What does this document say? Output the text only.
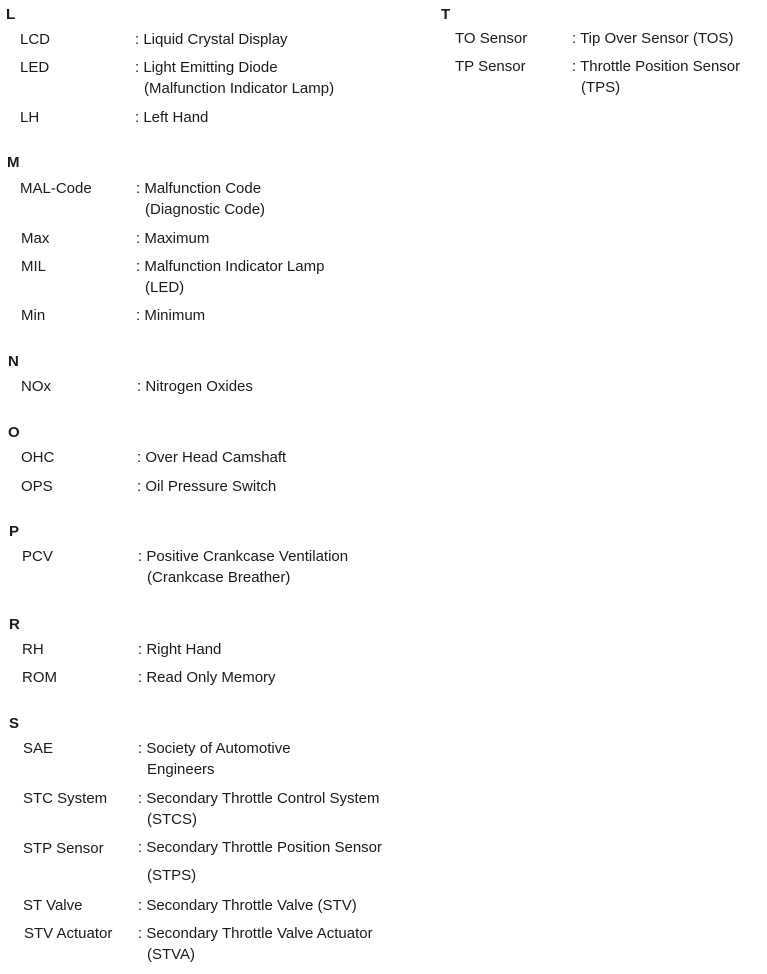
L
LCD	: Liquid Crystal Display
LED	: Light Emitting Diode
(Malfunction Indicator Lamp)
LH	: Left Hand
M
MAL-Code	: Malfunction Code
(Diagnostic Code)
Max	: Maximum
MIL	: Malfunction Indicator Lamp
(LED)
Min	: Minimum
N
NOx	: Nitrogen Oxides
O
OHC	: Over Head Camshaft
OPS	: Oil Pressure Switch
P
PCV	: Positive Crankcase Ventilation
(Crankcase Breather)
R
RH	: Right Hand
ROM	: Read Only Memory
S
SAE	: Society of Automotive
Engineers
STC System : Secondary Throttle Control System
(STCS)
STP Sensor : Secondary Throttle Position Sensor
(STPS)
ST Valve	: Secondary Throttle Valve (STV)
STV Actuator : Secondary Throttle Valve Actuator
(STVA)
T
TO Sensor	: Tip Over Sensor (TOS)
TP Sensor	: Throttle Position Sensor
(TPS)
